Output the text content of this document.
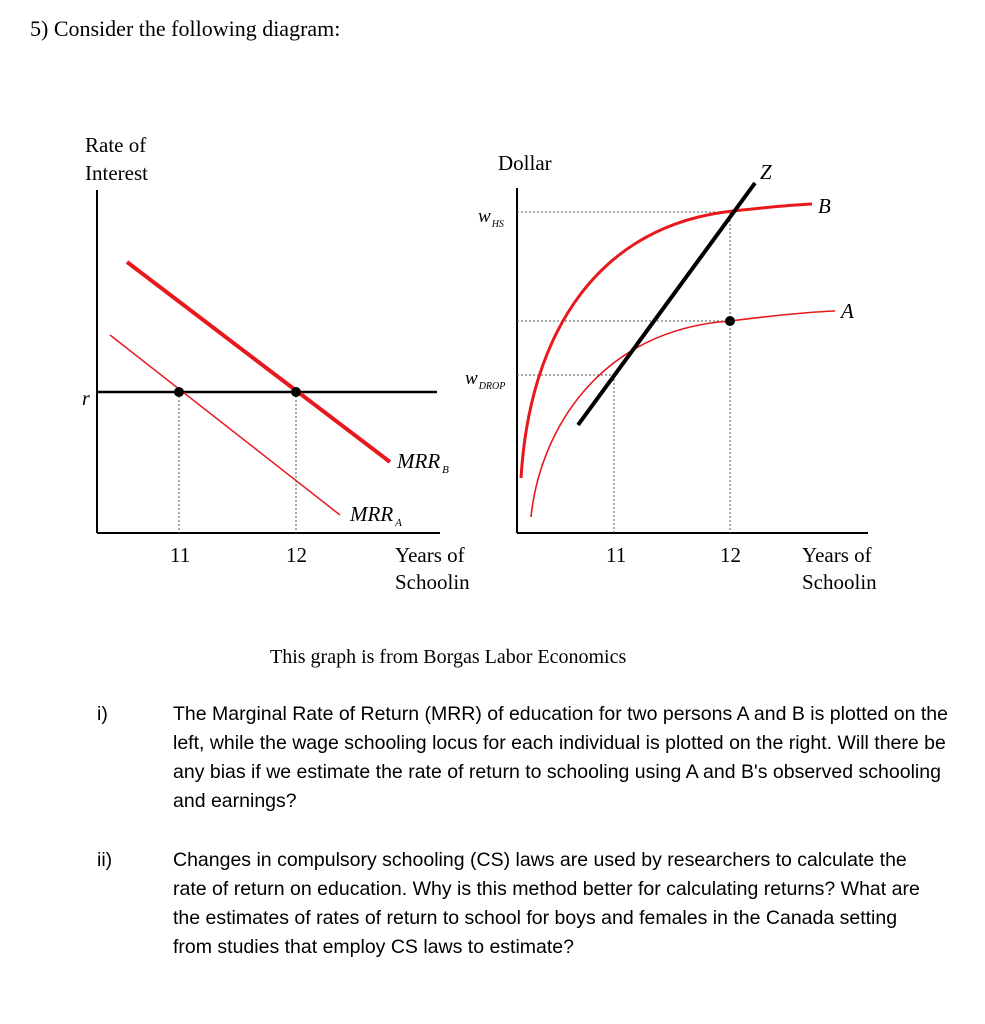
5) Consider the following diagram:
Rate of
Interest
r
MRR $_B$
MRR $_A$
11	12	Years of
Schoolin
Dollar
$w_{HS}$
$w_{DROP}$
Z
B
A
11	12	Years of
Schoolin
This graph is from Borgas Labor Economics
i)	The Marginal Rate of Return (MRR) of education for two persons A and B is plotted on the left, while the wage schooling locus for each individual is plotted on the right. Will there be any bias if we estimate the rate of return to schooling using A and B's observed schooling and earnings?
ii)	Changes in compulsory schooling (CS) laws are used by researchers to calculate the rate of return on education. Why is this method better for calculating returns? What are the estimates of rates of return to school for boys and females in the Canada setting from studies that employ CS laws to estimate?
